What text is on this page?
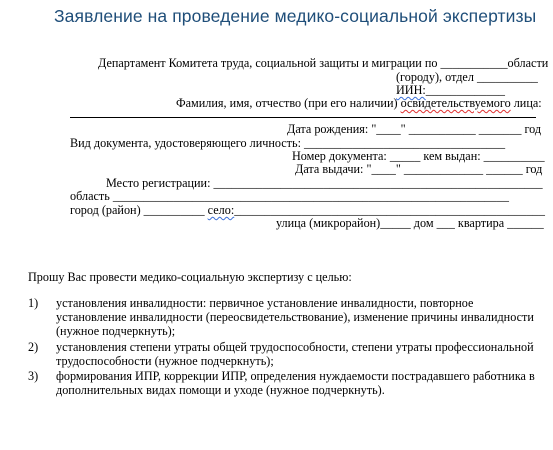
Заявление на проведение медико-социальной экспертизы
Департамент Комитета труда, социальной защиты и миграции по ___________области
(городу), отдел __________
ИИН:_____________
Фамилия, имя, отчество (при его наличии) освидетельствуемого лица:
Дата рождения: "____" ___________ _______ год
Вид документа, удостоверяющего личность: _________________________________
Номер документа: _____ кем выдан: __________
Дата выдачи: "____" _____________ ______ год
Место регистрации: ______________________________________________________
область _________________________________________________________________
город (район) __________ село:___________________________________________________
улица (микрорайон)_____ дом ___ квартира ______
Прошу Вас провести медико-социальную экспертизу с целью:
1) установления инвалидности: первичное установление инвалидности, повторное установление инвалидности (переосвидетельствование), изменение причины инвалидности (нужное подчеркнуть);
2) установления степени утраты общей трудоспособности, степени утраты профессиональной трудоспособности (нужное подчеркнуть);
3) формирования ИПР, коррекции ИПР, определения нуждаемости пострадавшего работника в дополнительных видах помощи и уходе (нужное подчеркнуть).
